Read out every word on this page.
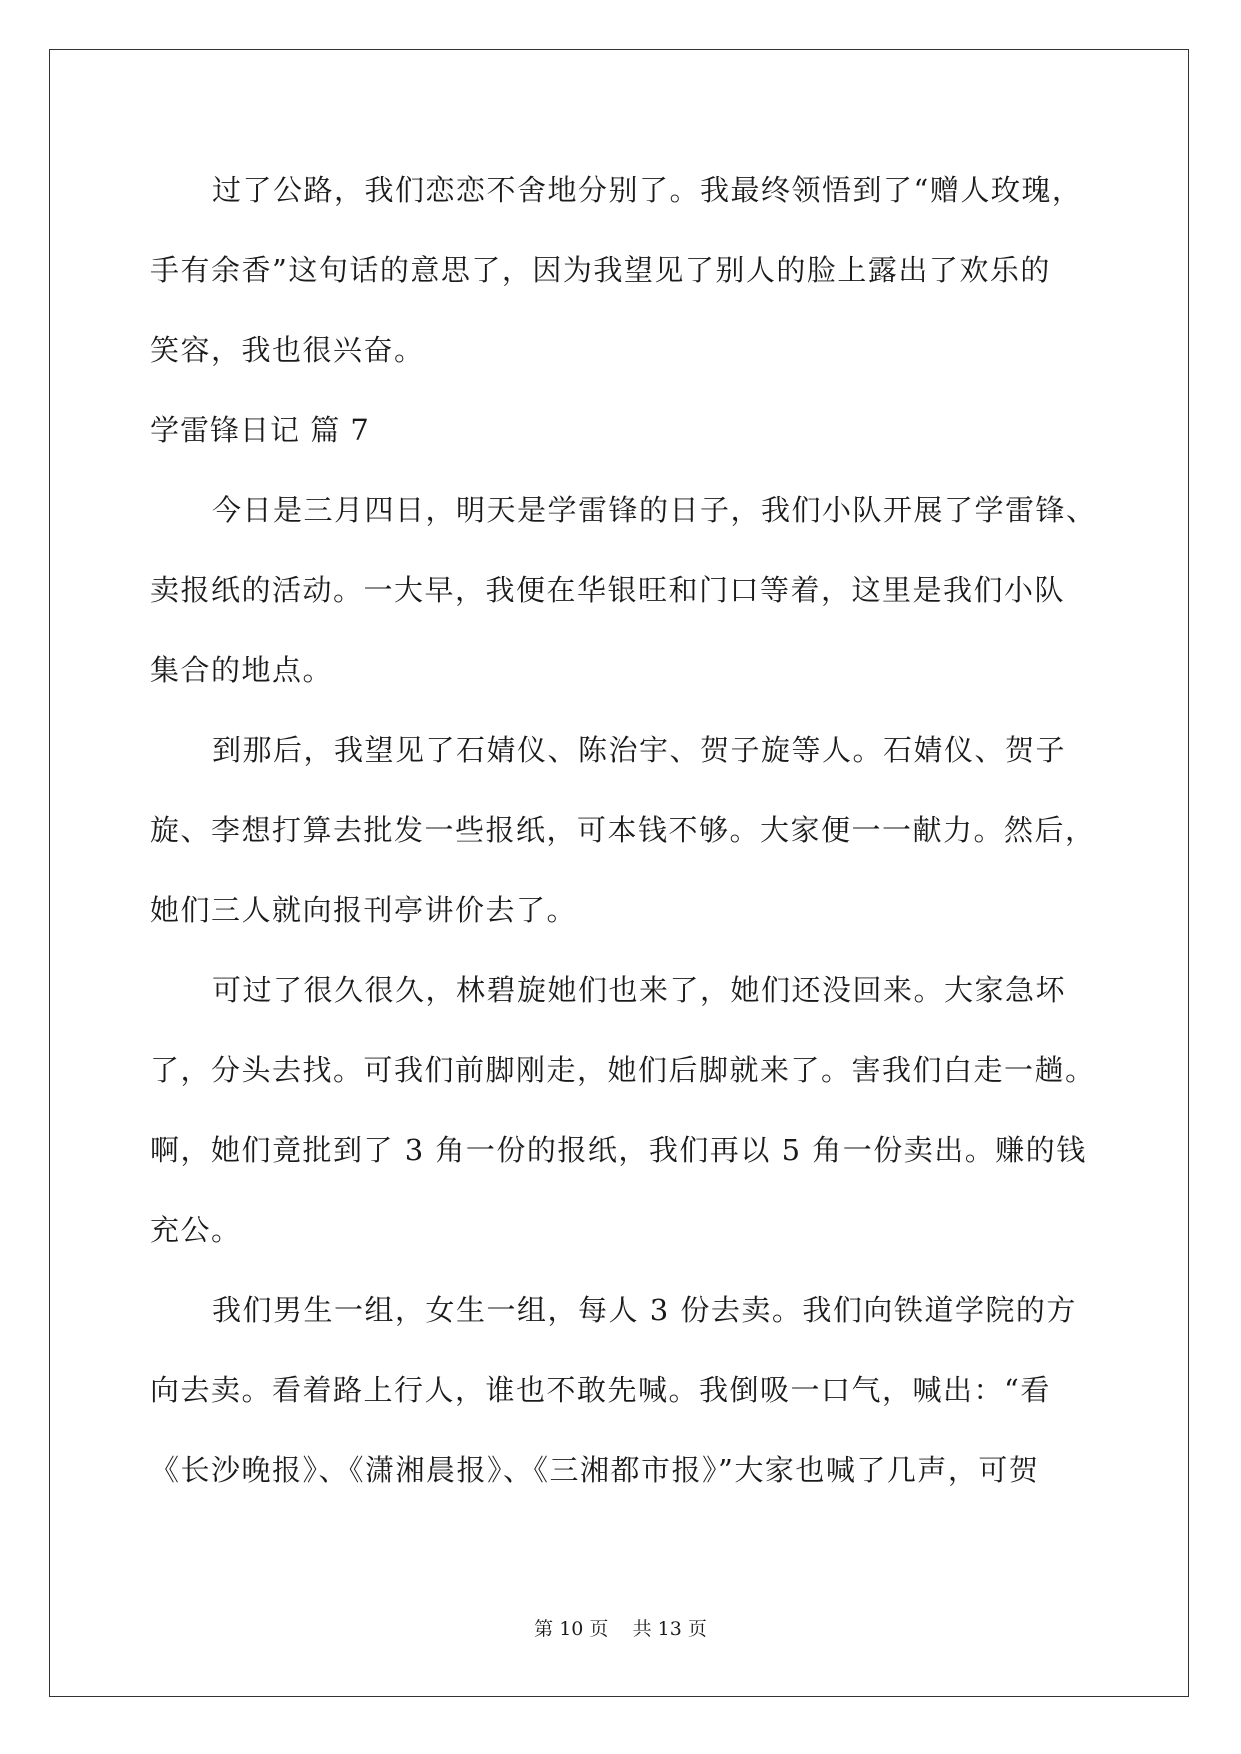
过了公路，我们恋恋不舍地分别了。我最终领悟到了“赠人玫瑰，
手有余香”这句话的意思了，因为我望见了别人的脸上露出了欢乐的
笑容，我也很兴奋。
学雷锋日记 篇 7
今日是三月四日，明天是学雷锋的日子，我们小队开展了学雷锋、
卖报纸的活动。一大早，我便在华银旺和门口等着，这里是我们小队
集合的地点。
到那后，我望见了石婧仪、陈治宇、贺子旋等人。石婧仪、贺子
旋、李想打算去批发一些报纸，可本钱不够。大家便一一献力。然后，
她们三人就向报刊亭讲价去了。
可过了很久很久，林碧旋她们也来了，她们还没回来。大家急坏
了，分头去找。可我们前脚刚走，她们后脚就来了。害我们白走一趟。
啊，她们竟批到了 3 角一份的报纸，我们再以 5 角一份卖出。赚的钱
充公。
我们男生一组，女生一组，每人 3 份去卖。我们向铁道学院的方
向去卖。看着路上行人，谁也不敢先喊。我倒吸一口气，喊出：“看
《长沙晚报》、《潇湘晨报》、《三湘都市报》”大家也喊了几声，可贺
第 10 页    共 13 页
